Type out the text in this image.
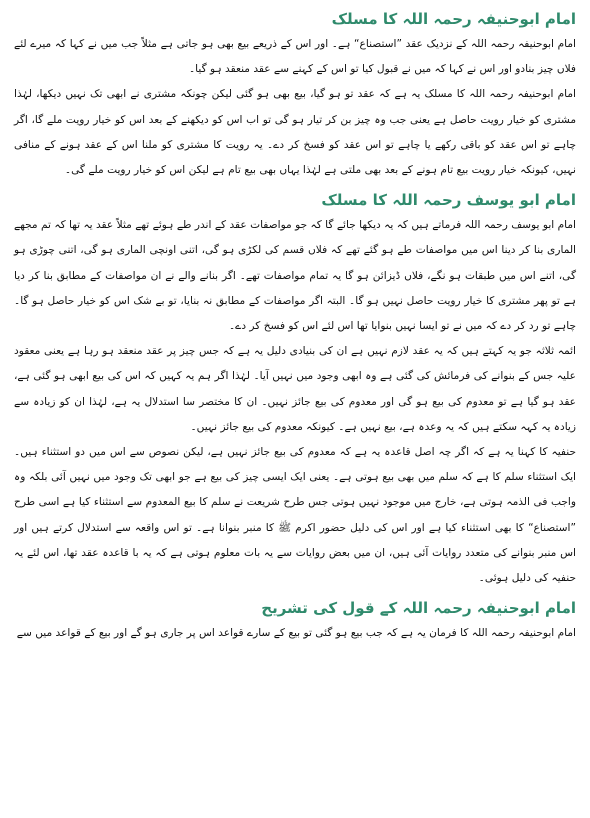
امام ابوحنیفہ رحمہ اللہ کا مسلک

امام ابوحنیفہ رحمہ اللہ کے نزدیک عقد ”استصناع“ ہے۔ اور اس کے ذریعے بیع بھی ہو جاتی ہے مثلاً جب میں نے کہا کہ میرے لئے فلاں چیز بنادو اور اس نے کہا کہ میں نے قبول کیا تو اس کے کہنے سے عقد منعقد ہو گیا۔

امام ابوحنیفہ رحمہ اللہ کا مسلک یہ ہے کہ عقد تو ہو گیا، بیع بھی ہو گئی لیکن چونکہ مشتری نے ابھی تک نہیں دیکھا، لہٰذا مشتری کو خیار رویت حاصل ہے یعنی جب وہ چیز بن کر تیار ہو گی تو اب اس کو دیکھنے کے بعد اس کو خیار رویت ملے گا، اگر چاہے تو اس عقد کو باقی رکھے یا چاہے تو اس عقد کو فسخ کر دے۔ یہ رویت کا مشتری کو ملنا اس کے عقد ہونے کے منافی نہیں، کیونکہ خیار رویت بیع تام ہونے کے بعد بھی ملتی ہے لہٰذا یہاں بھی بیع تام ہے لیکن اس کو خیار رویت ملے گی۔

امام ابو یوسف رحمہ اللہ کا مسلک

امام ابو یوسف رحمہ اللہ فرماتے ہیں کہ یہ دیکھا جائے گا کہ جو مواصفات عقد کے اندر طے ہوئے تھے مثلاً عقد یہ تھا کہ تم مجھے الماری بنا کر دینا اس میں مواصفات طے ہو گئے تھے کہ فلاں قسم کی لکڑی ہو گی، اتنی اونچی الماری ہو گی، اتنی چوڑی ہو گی، اتنے اس میں طبقات ہو نگے، فلاں ڈیزائن ہو گا یہ تمام مواصفات تھے۔ اگر بنانے والے نے ان مواصفات کے مطابق بنا کر دیا ہے تو پھر مشتری کا خیار رویت حاصل نہیں ہو گا۔ البتہ اگر مواصفات کے مطابق نہ بنایا، تو بے شک اس کو خیار حاصل ہو گا۔ چاہے تو رد کر دے کہ میں نے تو ایسا نہیں بنوایا تھا اس لئے اس کو فسخ کر دے۔

ائمہ ثلاثہ جو یہ کہتے ہیں کہ یہ عقد لازم نہیں ہے ان کی بنیادی دلیل یہ ہے کہ جس چیز پر عقد منعقد ہو رہا ہے یعنی معقود علیہ جس کے بنوانے کی فرمائش کی گئی ہے وہ ابھی وجود میں نہیں آیا۔ لہٰذا اگر ہم یہ کہیں کہ اس کی بیع ابھی ہو گئی ہے، عقد ہو گیا ہے تو معدوم کی بیع ہو گی اور معدوم کی بیع جائز نہیں۔ ان کا مختصر سا استدلال یہ ہے، لہٰذا ان کو زیادہ سے زیادہ یہ کہہ سکتے ہیں کہ یہ وعدہ ہے، بیع نہیں ہے۔ کیونکہ معدوم کی بیع جائز نہیں۔

حنفیہ کا کہنا یہ ہے کہ اگر چہ اصل قاعدہ یہ ہے کہ معدوم کی بیع جائز نہیں ہے، لیکن نصوص سے اس میں دو استثناء ہیں۔ ایک استثناء سلم کا ہے کہ سلم میں بھی بیع ہوتی ہے۔ یعنی ایک ایسی چیز کی بیع ہے جو ابھی تک وجود میں نہیں آئی بلکہ وہ واجب فی الذمہ ہوتی ہے، خارج میں موجود نہیں ہوتی جس طرح شریعت نے سلم کا بیع المعدوم سے استثناء کیا ہے اسی طرح ”استصناع“ کا بھی استثناء کیا ہے اور اس کی دلیل حضور اکرم ﷺ کا منبر بنوانا ہے۔ تو اس واقعہ سے استدلال کرتے ہیں اور اس منبر بنوانے کی متعدد روایات آئی ہیں، ان میں بعض روایات سے یہ بات معلوم ہوتی ہے کہ یہ با قاعدہ عقد تھا، اس لئے یہ حنفیہ کی دلیل ہوئی۔

امام ابوحنیفہ رحمہ اللہ کے قول کی تشریح

امام ابوحنیفہ رحمہ اللہ کا فرمان یہ ہے کہ جب بیع ہو گئی تو بیع کے سارے قواعد اس پر جاری ہو گے اور بیع کے قواعد میں سے
